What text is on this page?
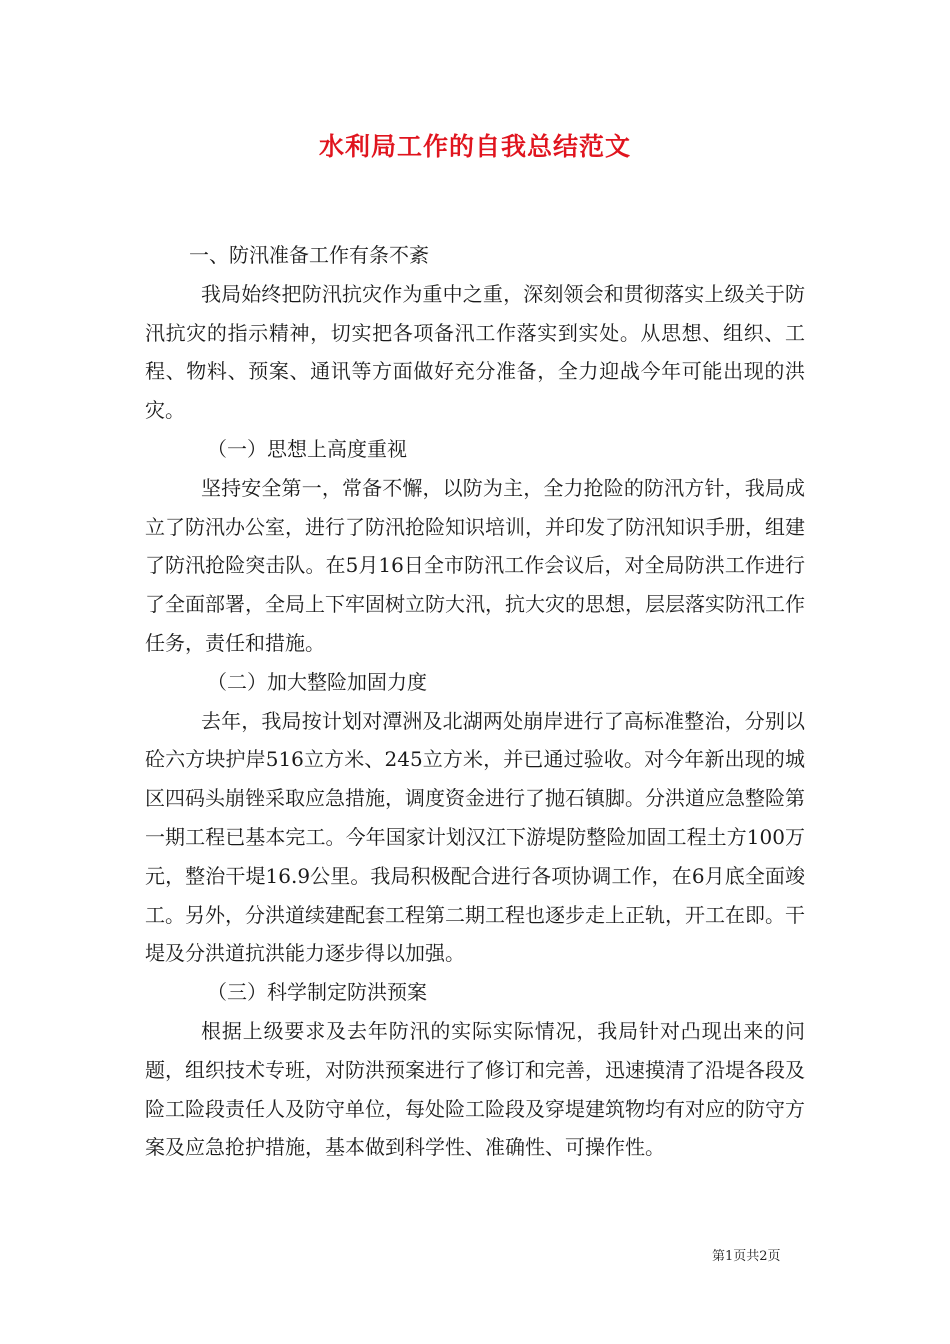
水利局工作的自我总结范文

一、防汛准备工作有条不紊

我局始终把防汛抗灾作为重中之重，深刻领会和贯彻落实上级关于防汛抗灾的指示精神，切实把各项备汛工作落实到实处。从思想、组织、工程、物料、预案、通讯等方面做好充分准备，全力迎战今年可能出现的洪灾。

（一）思想上高度重视

坚持安全第一，常备不懈，以防为主，全力抢险的防汛方针，我局成立了防汛办公室，进行了防汛抢险知识培训，并印发了防汛知识手册，组建了防汛抢险突击队。在5月16日全市防汛工作会议后，对全局防洪工作进行了全面部署，全局上下牢固树立防大汛，抗大灾的思想，层层落实防汛工作任务，责任和措施。

（二）加大整险加固力度

去年，我局按计划对潭洲及北湖两处崩岸进行了高标准整治，分别以砼六方块护岸516立方米、245立方米，并已通过验收。对今年新出现的城区四码头崩锉采取应急措施，调度资金进行了抛石镇脚。分洪道应急整险第一期工程已基本完工。今年国家计划汉江下游堤防整险加固工程土方100万元，整治干堤16.9公里。我局积极配合进行各项协调工作，在6月底全面竣工。另外，分洪道续建配套工程第二期工程也逐步走上正轨，开工在即。干堤及分洪道抗洪能力逐步得以加强。

（三）科学制定防洪预案

根据上级要求及去年防汛的实际实际情况，我局针对凸现出来的问题，组织技术专班，对防洪预案进行了修订和完善，迅速摸清了沿堤各段及险工险段责任人及防守单位，每处险工险段及穿堤建筑物均有对应的防守方案及应急抢护措施，基本做到科学性、准确性、可操作性。

第1页共2页
